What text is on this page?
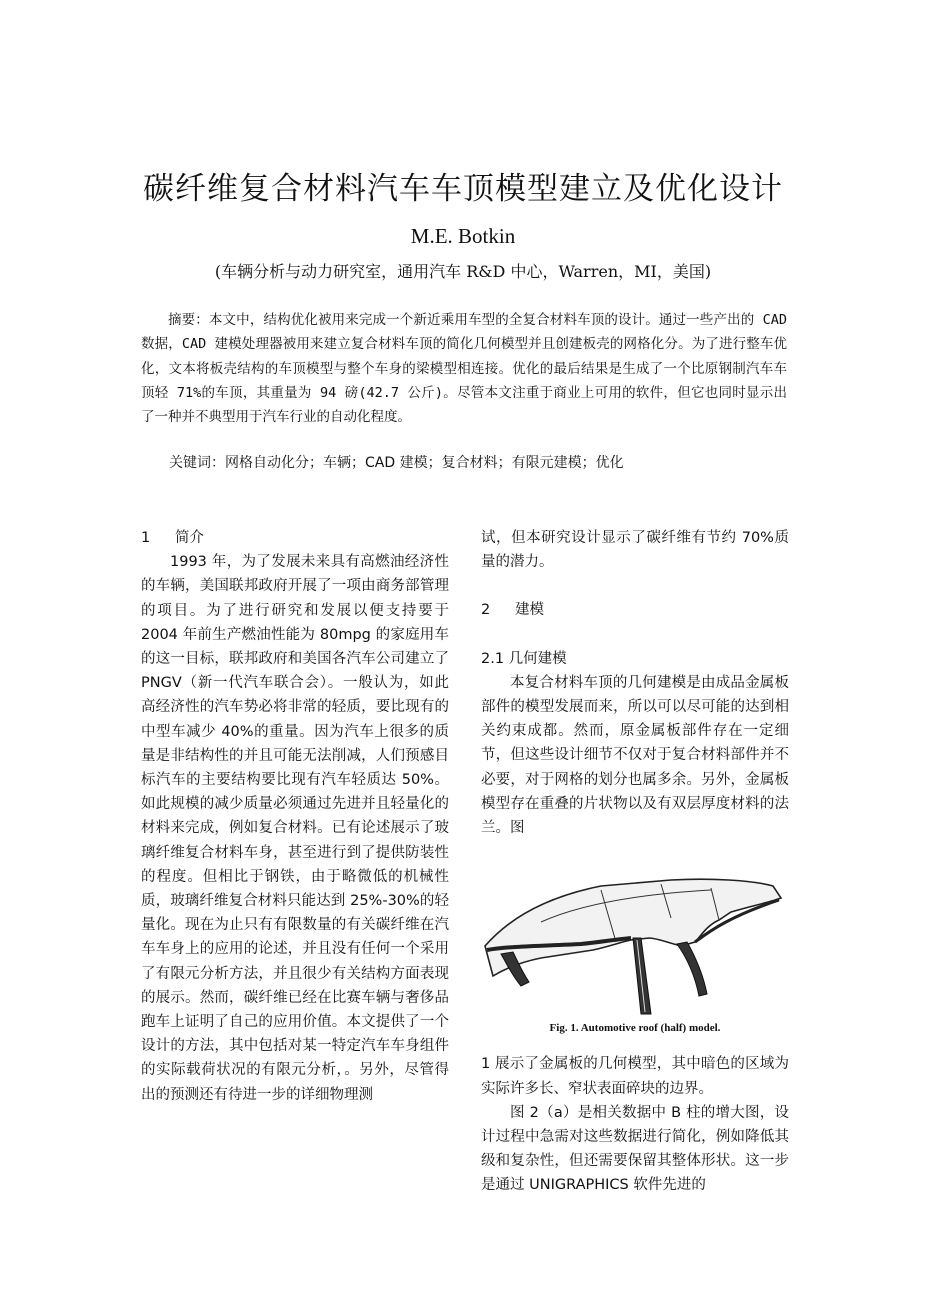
碳纤维复合材料汽车车顶模型建立及优化设计
M.E. Botkin
(车辆分析与动力研究室，通用汽车 R&D 中心，Warren，MI，美国)

摘要：本文中，结构优化被用来完成一个新近乘用车型的全复合材料车顶的设计。通过一些产出的 CAD 数据，CAD 建模处理器被用来建立复合材料车顶的简化几何模型并且创建板壳的网格化分。为了进行整车优化，文本将板壳结构的车顶模型与整个车身的梁模型相连接。优化的最后结果是生成了一个比原钢制汽车车顶轻 71%的车顶，其重量为 94 磅(42.7 公斤)。尽管本文注重于商业上可用的软件，但它也同时显示出了一种并不典型用于汽车行业的自动化程度。

关键词：网格自动化分；车辆；CAD 建模；复合材料；有限元建模；优化

1 简介

1993 年，为了发展未来具有高燃油经济性的车辆，美国联邦政府开展了一项由商务部管理的项目。为了进行研究和发展以便支持要于 2004 年前生产燃油性能为 80mpg 的家庭用车的这一目标，联邦政府和美国各汽车公司建立了 PNGV（新一代汽车联合会）。一般认为，如此高经济性的汽车势必将非常的轻质，要比现有的中型车减少 40%的重量。因为汽车上很多的质量是非结构性的并且可能无法削减，人们预感目标汽车的主要结构要比现有汽车轻质达 50%。如此规模的减少质量必须通过先进并且轻量化的材料来完成，例如复合材料。已有论述展示了玻璃纤维复合材料车身，甚至进行到了提供防装性的程度。但相比于钢铁，由于略微低的机械性质，玻璃纤维复合材料只能达到 25%-30%的轻量化。现在为止只有有限数量的有关碳纤维在汽车车身上的应用的论述，并且没有任何一个采用了有限元分析方法，并且很少有关结构方面表现的展示。然而，碳纤维已经在比赛车辆与奢侈品跑车上证明了自己的应用价值。本文提供了一个设计的方法，其中包括对某一特定汽车车身组件的实际载荷状况的有限元分析，。另外，尽管得出的预测还有待进一步的详细物理测

试，但本研究设计显示了碳纤维有节约 70%质量的潜力。

2 建模

2.1 几何建模

本复合材料车顶的几何建模是由成品金属板部件的模型发展而来，所以可以尽可能的达到相关约束成都。然而，原金属板部件存在一定细节，但这些设计细节不仅对于复合材料部件并不必要，对于网格的划分也属多余。另外，金属板模型存在重叠的片状物以及有双层厚度材料的法兰。图

Fig. 1. Automotive roof (half) model.

1 展示了金属板的几何模型，其中暗色的区域为实际许多长、窄状表面碎块的边界。

图 2（a）是相关数据中 B 柱的增大图，设计过程中急需对这些数据进行简化，例如降低其级和复杂性，但还需要保留其整体形状。这一步是通过 UNIGRAPHICS 软件先进的
